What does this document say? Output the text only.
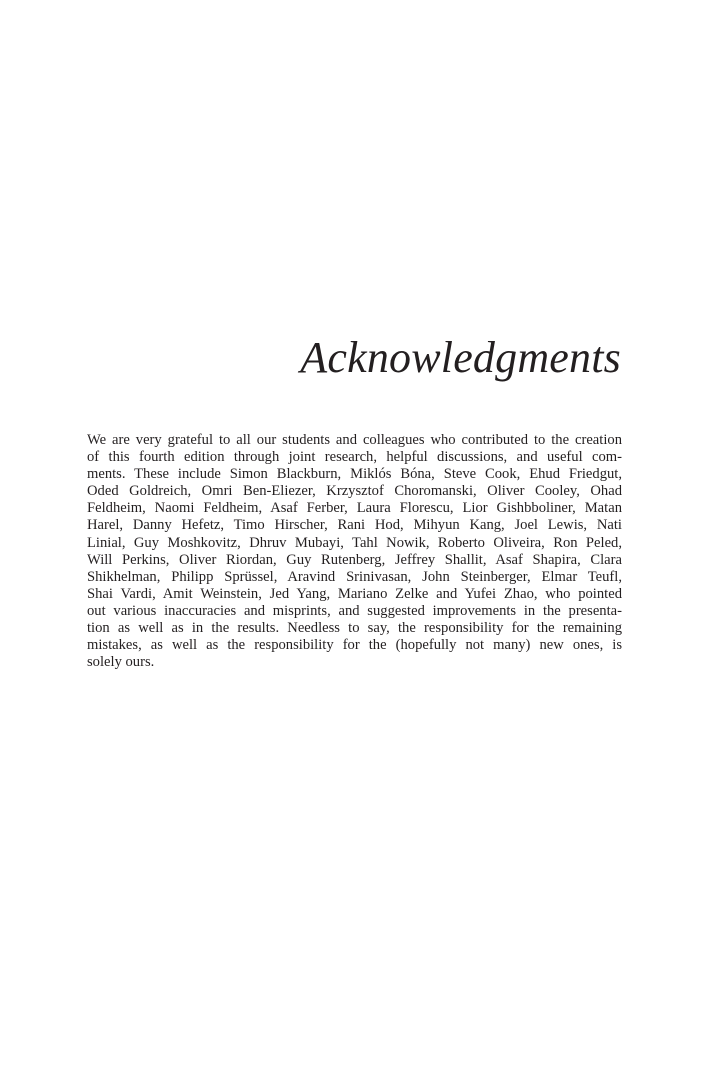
Acknowledgments
We are very grateful to all our students and colleagues who contributed to the creation
of this fourth edition through joint research, helpful discussions, and useful com-
ments. These include Simon Blackburn, Miklós Bóna, Steve Cook, Ehud Friedgut,
Oded Goldreich, Omri Ben-Eliezer, Krzysztof Choromanski, Oliver Cooley, Ohad
Feldheim, Naomi Feldheim, Asaf Ferber, Laura Florescu, Lior Gishbboliner, Matan
Harel, Danny Hefetz, Timo Hirscher, Rani Hod, Mihyun Kang, Joel Lewis, Nati
Linial, Guy Moshkovitz, Dhruv Mubayi, Tahl Nowik, Roberto Oliveira, Ron Peled,
Will Perkins, Oliver Riordan, Guy Rutenberg, Jeffrey Shallit, Asaf Shapira, Clara
Shikhelman, Philipp Sprüssel, Aravind Srinivasan, John Steinberger, Elmar Teufl,
Shai Vardi, Amit Weinstein, Jed Yang, Mariano Zelke and Yufei Zhao, who pointed
out various inaccuracies and misprints, and suggested improvements in the presenta-
tion as well as in the results. Needless to say, the responsibility for the remaining
mistakes, as well as the responsibility for the (hopefully not many) new ones, is
solely ours.
